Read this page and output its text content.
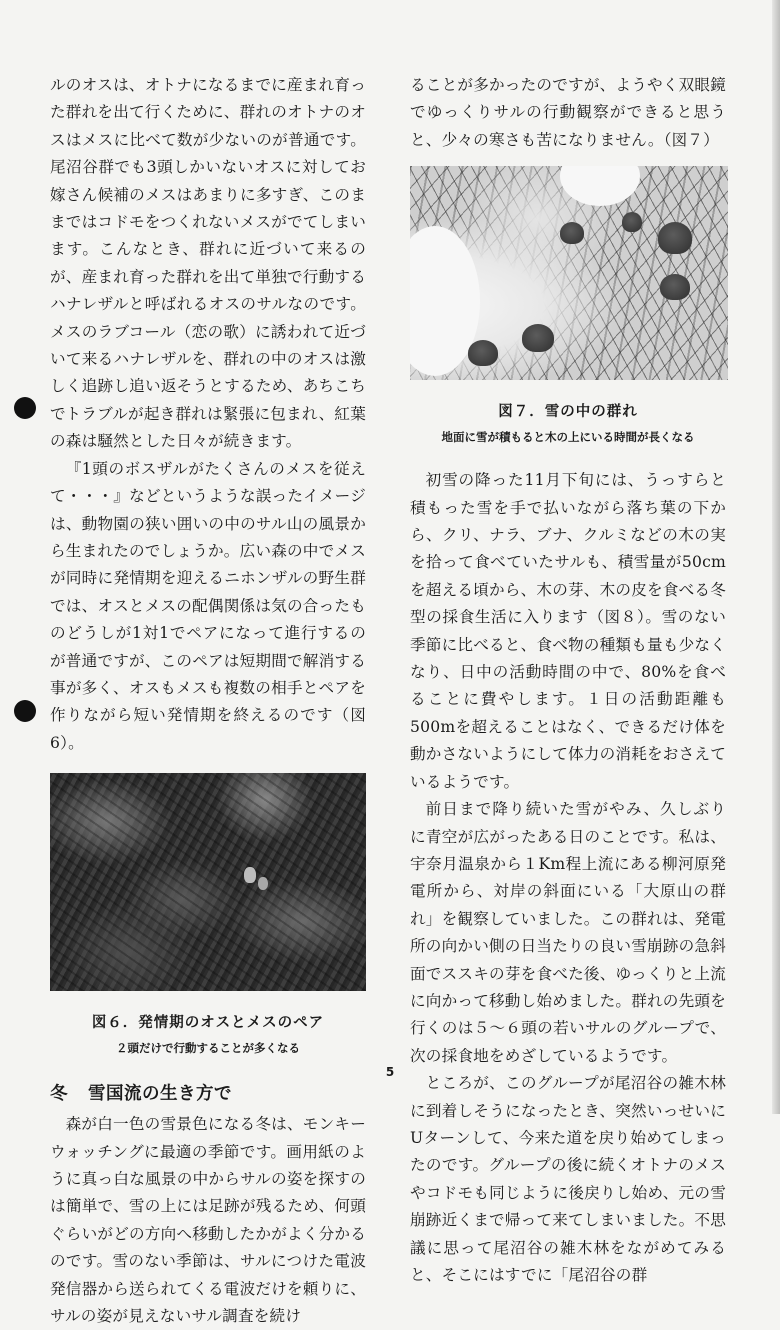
ルのオスは、オトナになるまでに産まれ育った群れを出て行くために、群れのオトナのオスはメスに比べて数が少ないのが普通です。尾沼谷群でも3頭しかいないオスに対してお嫁さん候補のメスはあまりに多すぎ、このままではコドモをつくれないメスがでてしまいます。こんなとき、群れに近づいて来るのが、産まれ育った群れを出て単独で行動するハナレザルと呼ばれるオスのサルなのです。メスのラブコール（恋の歌）に誘われて近づいて来るハナレザルを、群れの中のオスは激しく追跡し追い返そうとするため、あちこちでトラブルが起き群れは緊張に包まれ、紅葉の森は騒然とした日々が続きます。

『1頭のボスザルがたくさんのメスを従えて・・・』などというような誤ったイメージは、動物園の狭い囲いの中のサル山の風景から生まれたのでしょうか。広い森の中でメスが同時に発情期を迎えるニホンザルの野生群では、オスとメスの配偶関係は気の合ったものどうしが1対1でペアになって進行するのが普通ですが、このペアは短期間で解消する事が多く、オスもメスも複数の相手とペアを作りながら短い発情期を終えるのです（図6）。

図６．発情期のオスとメスのペア
２頭だけで行動することが多くなる
冬 雪国流の生き方で

森が白一色の雪景色になる冬は、モンキーウォッチングに最適の季節です。画用紙のように真っ白な風景の中からサルの姿を探すのは簡単で、雪の上には足跡が残るため、何頭ぐらいがどの方向へ移動したかがよく分かるのです。雪のない季節は、サルにつけた電波発信器から送られてくる電波だけを頼りに、サルの姿が見えないサル調査を続け

ることが多かったのですが、ようやく双眼鏡でゆっくりサルの行動観察ができると思うと、少々の寒さも苦になりません。（図７）

図７．雪の中の群れ
地面に雪が積もると木の上にいる時間が長くなる

初雪の降った11月下旬には、うっすらと積もった雪を手で払いながら落ち葉の下から、クリ、ナラ、ブナ、クルミなどの木の実を拾って食べていたサルも、積雪量が50cmを超える頃から、木の芽、木の皮を食べる冬型の採食生活に入ります（図８）。雪のない季節に比べると、食べ物の種類も量も少なくなり、日中の活動時間の中で、80%を食べることに費やします。１日の活動距離も500mを超えることはなく、できるだけ体を動かさないようにして体力の消耗をおさえているようです。

前日まで降り続いた雪がやみ、久しぶりに青空が広がったある日のことです。私は、宇奈月温泉から１Km程上流にある柳河原発電所から、対岸の斜面にいる「大原山の群れ」を観察していました。この群れは、発電所の向かい側の日当たりの良い雪崩跡の急斜面でススキの芽を食べた後、ゆっくりと上流に向かって移動し始めました。群れの先頭を行くのは５～６頭の若いサルのグループで、次の採食地をめざしているようです。

ところが、このグループが尾沼谷の雑木林に到着しそうになったとき、突然いっせいにUターンして、今来た道を戻り始めてしまったのです。グループの後に続くオトナのメスやコドモも同じように後戻りし始め、元の雪崩跡近くまで帰って来てしまいました。不思議に思って尾沼谷の雑木林をながめてみると、そこにはすでに「尾沼谷の群

5
